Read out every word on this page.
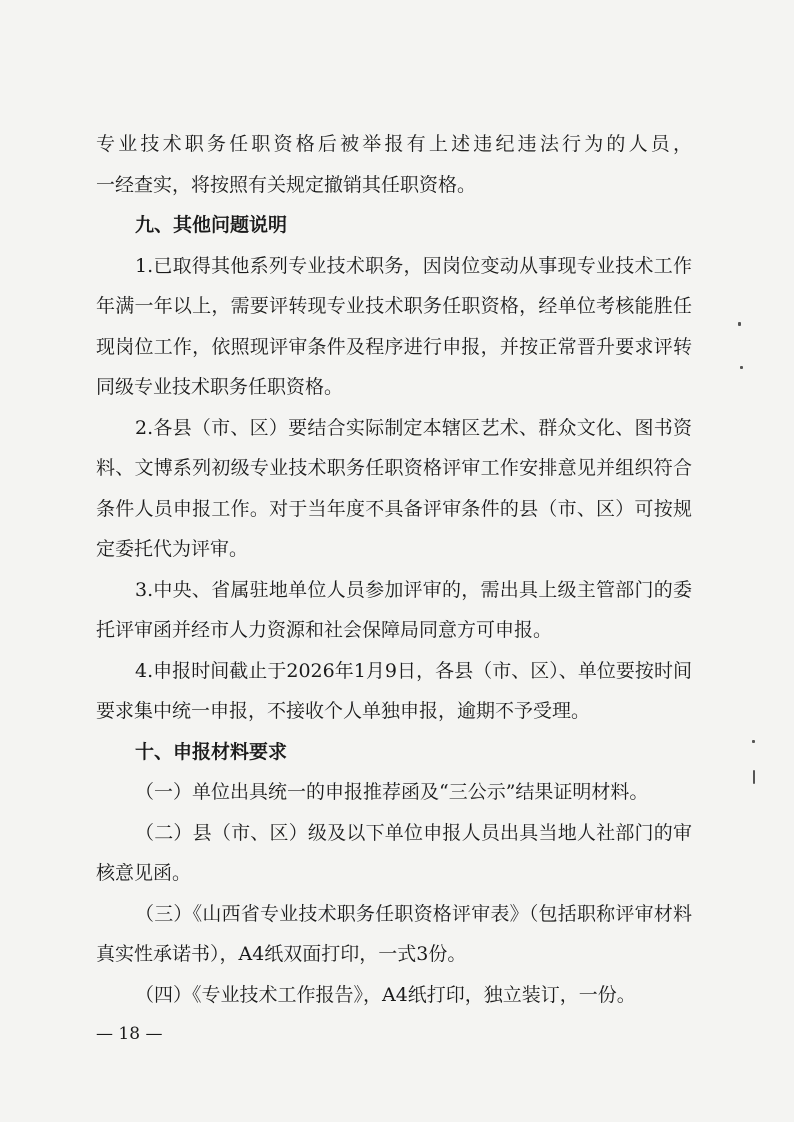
专业技术职务任职资格后被举报有上述违纪违法行为的人员，

一经查实，将按照有关规定撤销其任职资格。

九、其他问题说明

1.已取得其他系列专业技术职务，因岗位变动从事现专业技术工作年满一年以上，需要评转现专业技术职务任职资格，经单位考核能胜任现岗位工作，依照现评审条件及程序进行申报，并按正常晋升要求评转同级专业技术职务任职资格。

2.各县（市、区）要结合实际制定本辖区艺术、群众文化、图书资料、文博系列初级专业技术职务任职资格评审工作安排意见并组织符合条件人员申报工作。对于当年度不具备评审条件的县（市、区）可按规定委托代为评审。

3.中央、省属驻地单位人员参加评审的，需出具上级主管部门的委托评审函并经市人力资源和社会保障局同意方可申报。

4.申报时间截止于2026年1月9日，各县（市、区）、单位要按时间要求集中统一申报，不接收个人单独申报，逾期不予受理。

十、申报材料要求

（一）单位出具统一的申报推荐函及“三公示”结果证明材料。

（二）县（市、区）级及以下单位申报人员出具当地人社部门的审核意见函。

（三）《山西省专业技术职务任职资格评审表》（包括职称评审材料真实性承诺书），A4纸双面打印，一式3份。

（四）《专业技术工作报告》，A4纸打印，独立装订，一份。

— 18 —
